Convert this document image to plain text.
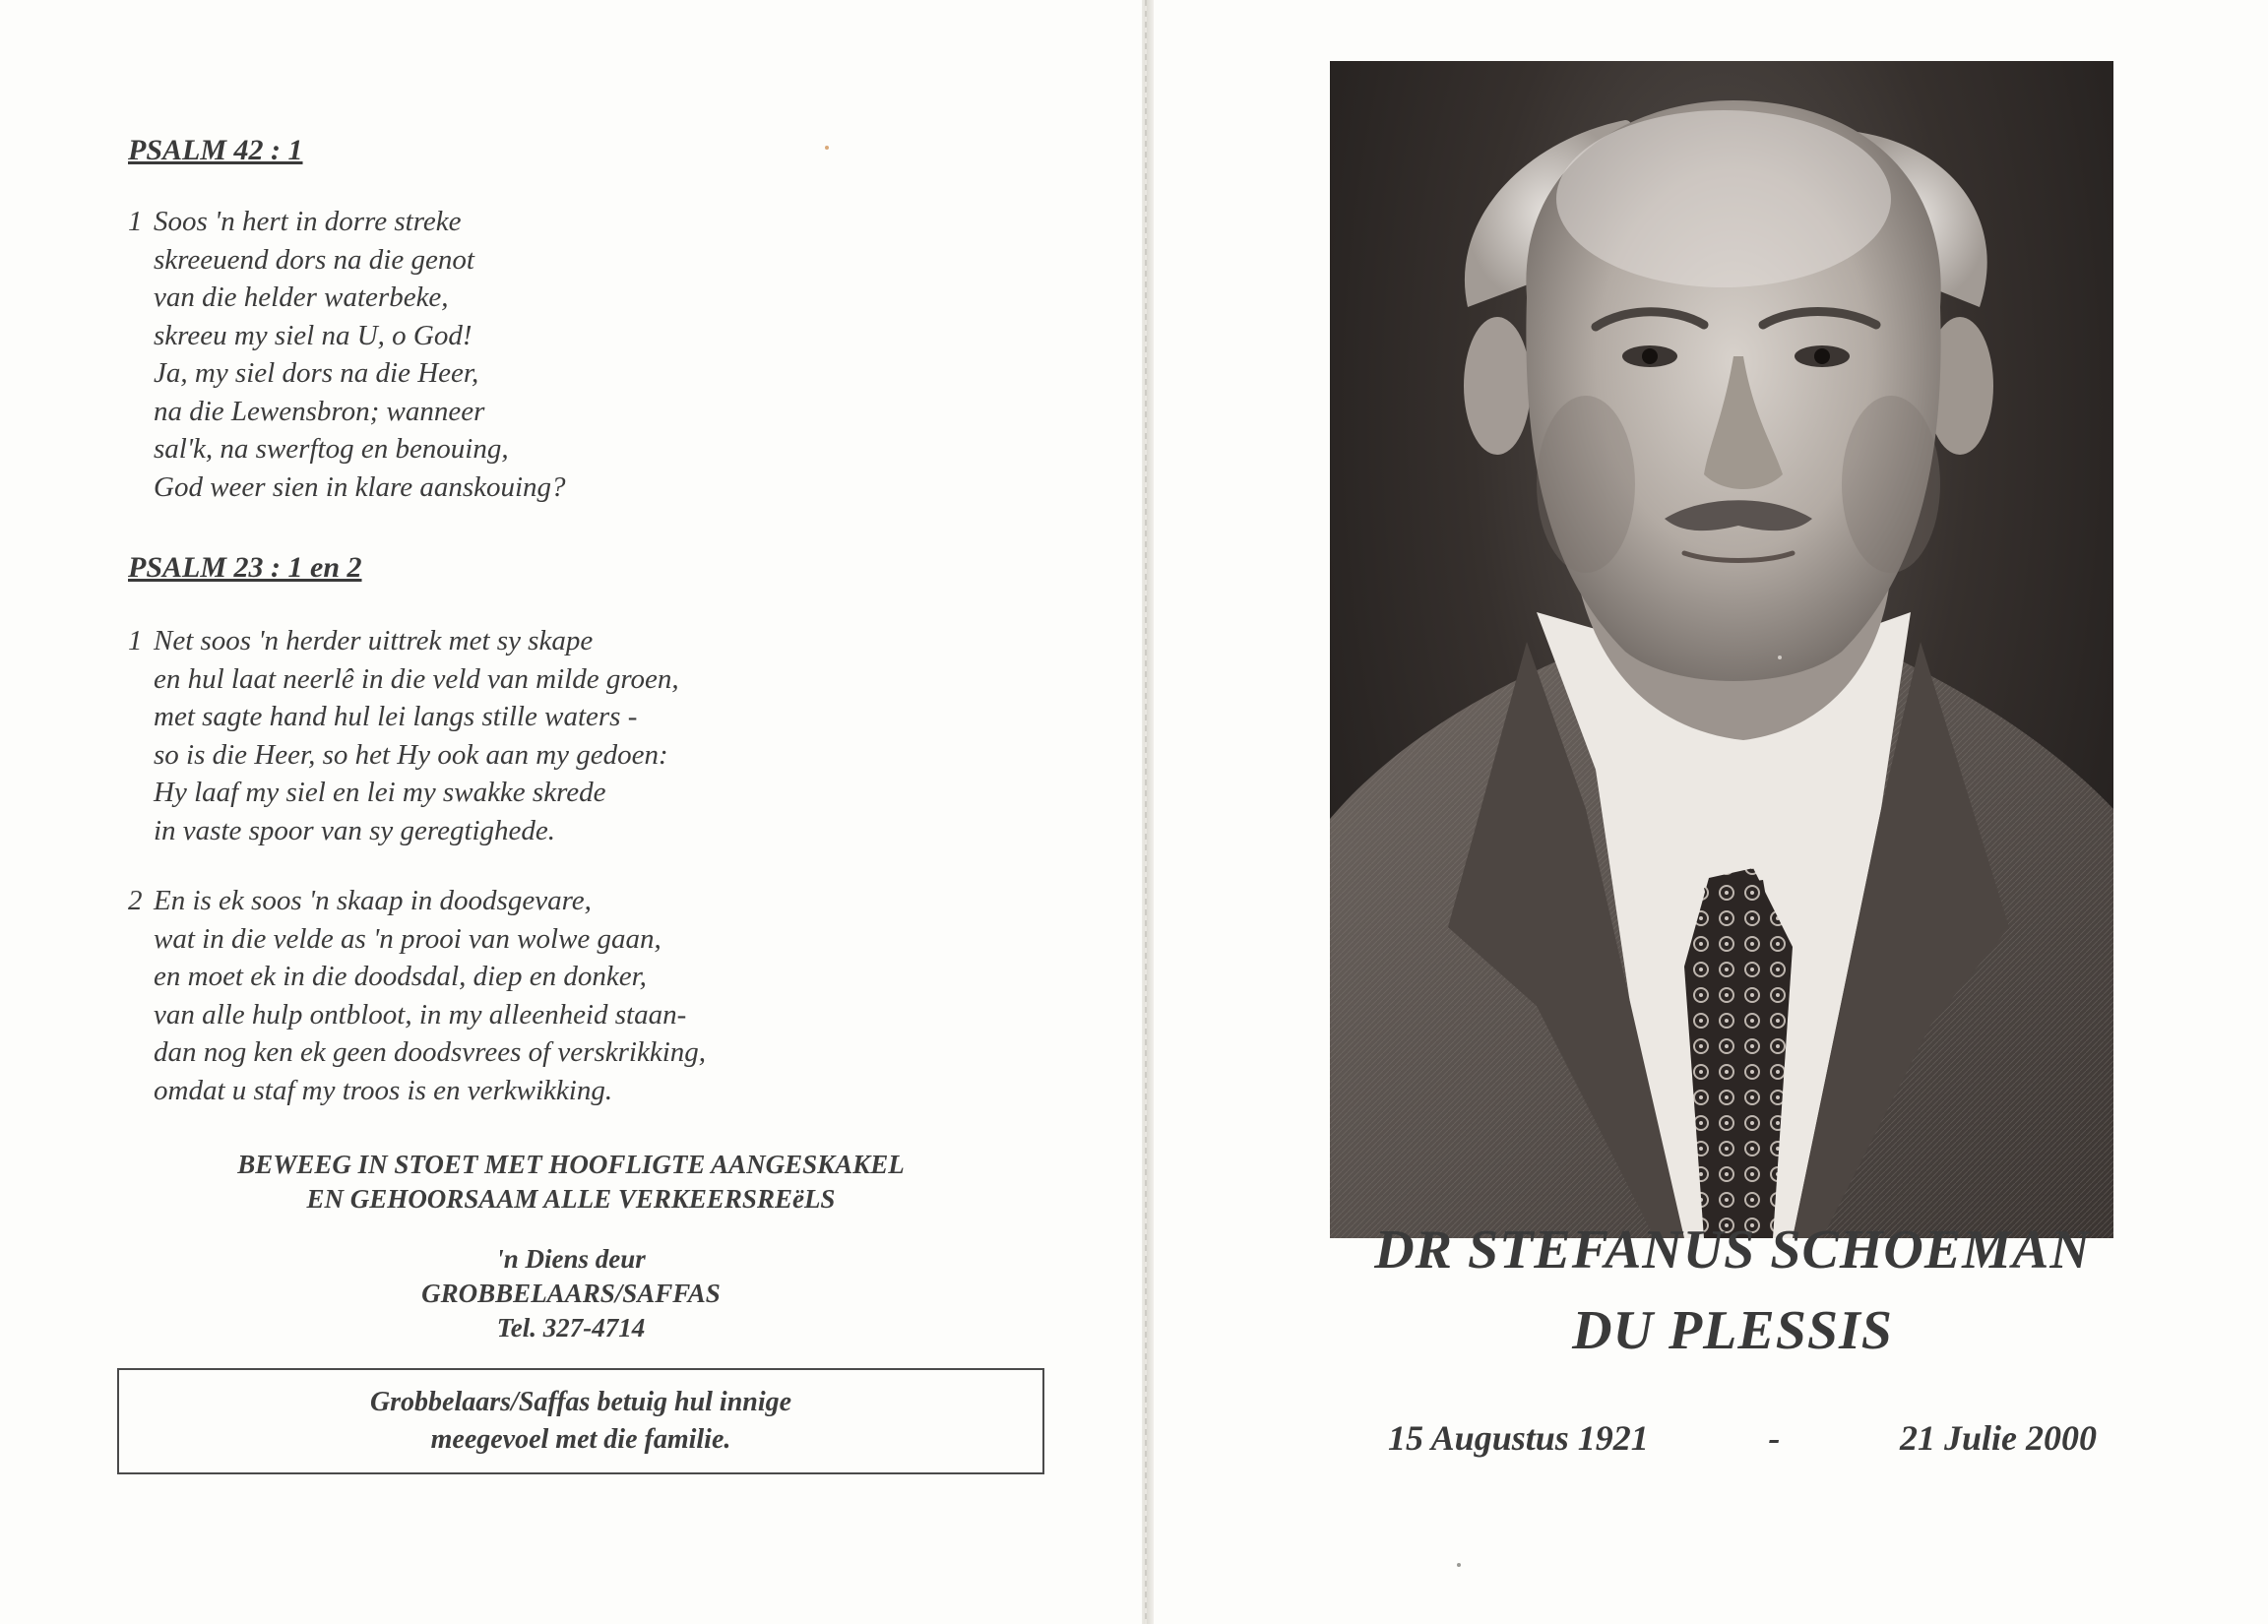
PSALM 42 : 1
1 Soos 'n hert in dorre streke
skreeuend dors na die genot
van die helder waterbeke,
skreeu my siel na U, o God!
Ja, my siel dors na die Heer,
na die Lewensbron; wanneer
sal'k, na swerftog en benouing,
God weer sien in klare aanskouing?
PSALM 23 : 1 en 2
1 Net soos 'n herder uittrek met sy skape
en hul laat neerlê in die veld van milde groen,
met sagte hand hul lei langs stille waters -
so is die Heer, so het Hy ook aan my gedoen:
Hy laaf my siel en lei my swakke skrede
in vaste spoor van sy geregtighede.
2 En is ek soos 'n skaap in doodsgevare,
wat in die velde as 'n prooi van wolwe gaan,
en moet ek in die doodsdal, diep en donker,
van alle hulp ontbloot, in my alleenheid staan-
dan nog ken ek geen doodsvrees of verskrikking,
omdat u staf my troos is en verkwikking.
BEWEEG IN STOET MET HOOFLIGTE AANGESKAKEL
EN GEHOORSAAM ALLE VERKEERSREëLS
'n Diens deur
GROBBELAARS/SAFFAS
Tel. 327-4714
Grobbelaars/Saffas betuig hul innige
meegevoel met die familie.
DR STEFANUS SCHOEMAN
DU PLESSIS
15 Augustus 1921	-	21 Julie 2000
